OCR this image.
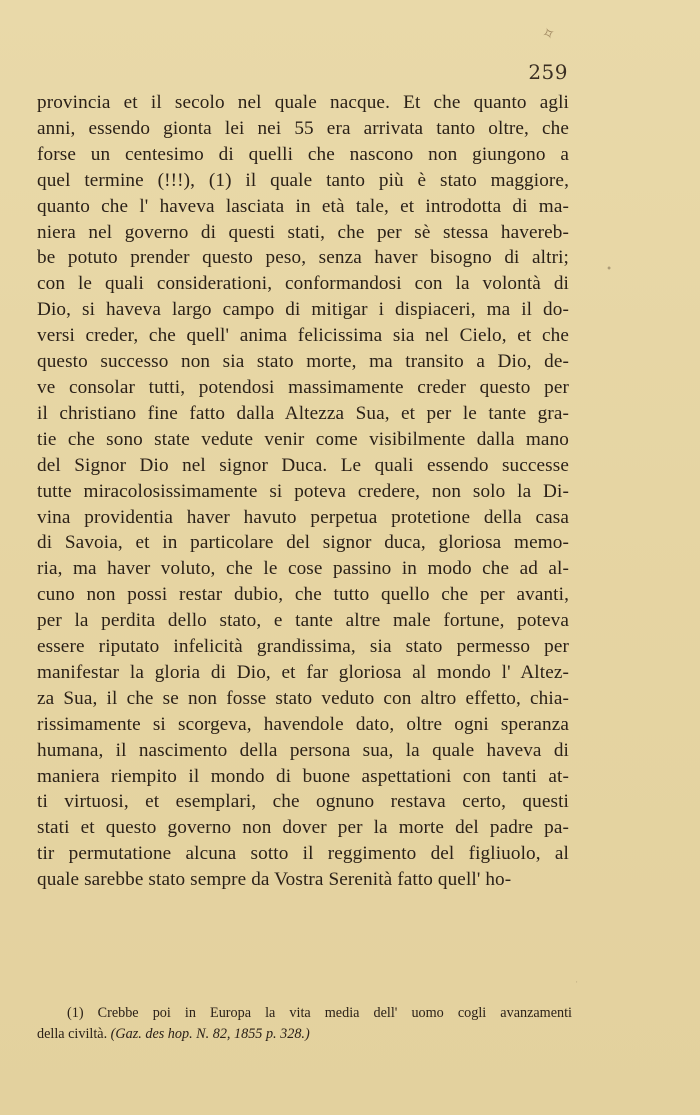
✧
•
·
259
provincia et il secolo nel quale nacque. Et che quanto agli
anni, essendo gionta lei nei 55 era arrivata tanto oltre, che
forse un centesimo di quelli che nascono non giungono a
quel termine (!!!), (1) il quale tanto più è stato maggiore,
quanto che l' haveva lasciata in età tale, et introdotta di ma-
niera nel governo di questi stati, che per sè stessa havereb-
be potuto prender questo peso, senza haver bisogno di altri;
con le quali considerationi, conformandosi con la volontà di
Dio, si haveva largo campo di mitigar i dispiaceri, ma il do-
versi creder, che quell' anima felicissima sia nel Cielo, et che
questo successo non sia stato morte, ma transito a Dio, de-
ve consolar tutti, potendosi massimamente creder questo per
il christiano fine fatto dalla Altezza Sua, et per le tante gra-
tie che sono state vedute venir come visibilmente dalla mano
del Signor Dio nel signor Duca. Le quali essendo successe
tutte miracolosissimamente si poteva credere, non solo la Di-
vina providentia haver havuto perpetua protetione della casa
di Savoia, et in particolare del signor duca, gloriosa memo-
ria, ma haver voluto, che le cose passino in modo che ad al-
cuno non possi restar dubio, che tutto quello che per avanti,
per la perdita dello stato, e tante altre male fortune, poteva
essere riputato infelicità grandissima, sia stato permesso per
manifestar la gloria di Dio, et far gloriosa al mondo l' Altez-
za Sua, il che se non fosse stato veduto con altro effetto, chia-
rissimamente si scorgeva, havendole dato, oltre ogni speranza
humana, il nascimento della persona sua, la quale haveva di
maniera riempito il mondo di buone aspettationi con tanti at-
ti virtuosi, et esemplari, che ognuno restava certo, questi
stati et questo governo non dover per la morte del padre pa-
tir permutatione alcuna sotto il reggimento del figliuolo, al
quale sarebbe stato sempre da Vostra Serenità fatto quell' ho-
(1) Crebbe poi in Europa la vita media dell' uomo cogli avanzamenti
della civiltà. (Gaz. des hop. N. 82, 1855 p. 328.)
